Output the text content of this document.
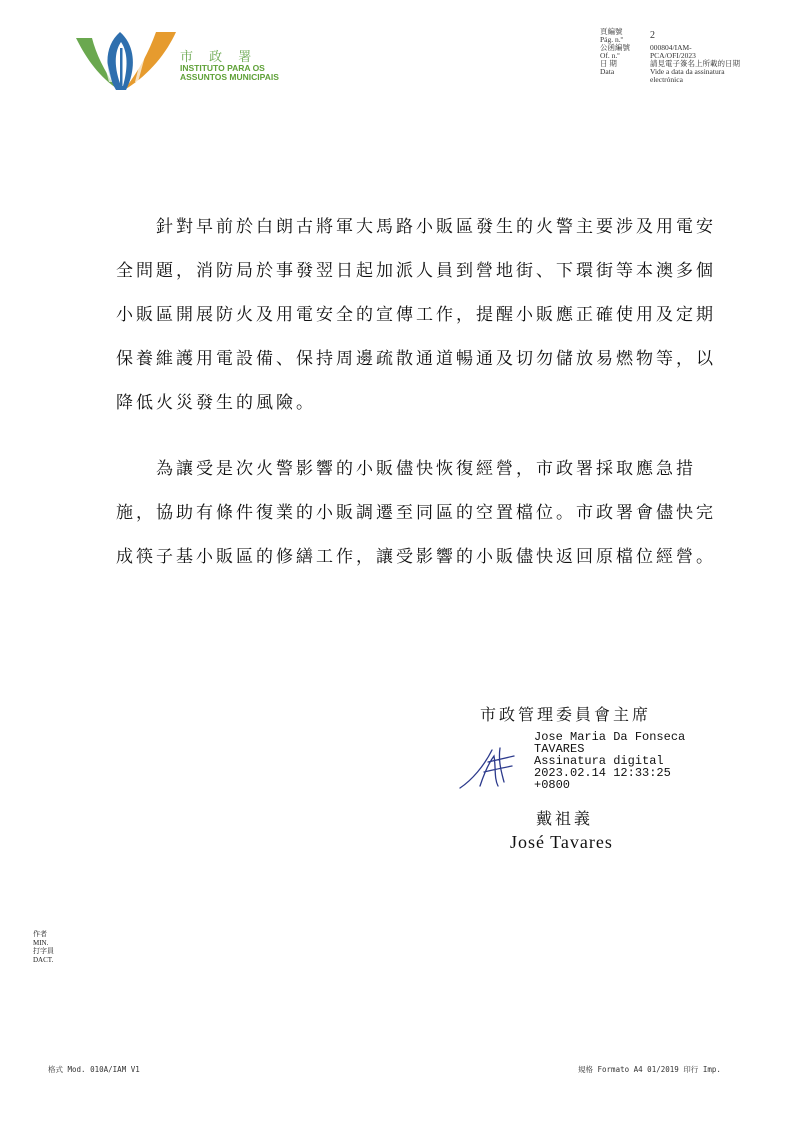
市 政 署
INSTITUTO PARA OS
ASSUNTOS MUNICIPAIS
頁編號
Pág. n.º	2
公函編號
Of. n.º
000804/IAM-
PCA/OFI/2023
日 期
Data
請見電子簽名上所載的日期
Vide a data da assinatura
electrónica

針對早前於白朗古將軍大馬路小販區發生的火警主要涉及用電安全問題，消防局於事發翌日起加派人員到營地街、下環街等本澳多個小販區開展防火及用電安全的宣傳工作，提醒小販應正確使用及定期保養維護用電設備、保持周邊疏散通道暢通及切勿儲放易燃物等，以降低火災發生的風險。

為讓受是次火警影響的小販儘快恢復經營，市政署採取應急措施，協助有條件復業的小販調遷至同區的空置檔位。市政署會儘快完成筷子基小販區的修繕工作，讓受影響的小販儘快返回原檔位經營。

市政管理委員會主席
Jose Maria Da Fonseca
TAVARES
Assinatura digital
2023.02.14 12:33:25
+0800
戴祖義
José Tavares
作者
MIN.
打字員
DACT.
格式 Mod. 010A/IAM V1	規格 Formato A4 01/2019 印行 Imp.
